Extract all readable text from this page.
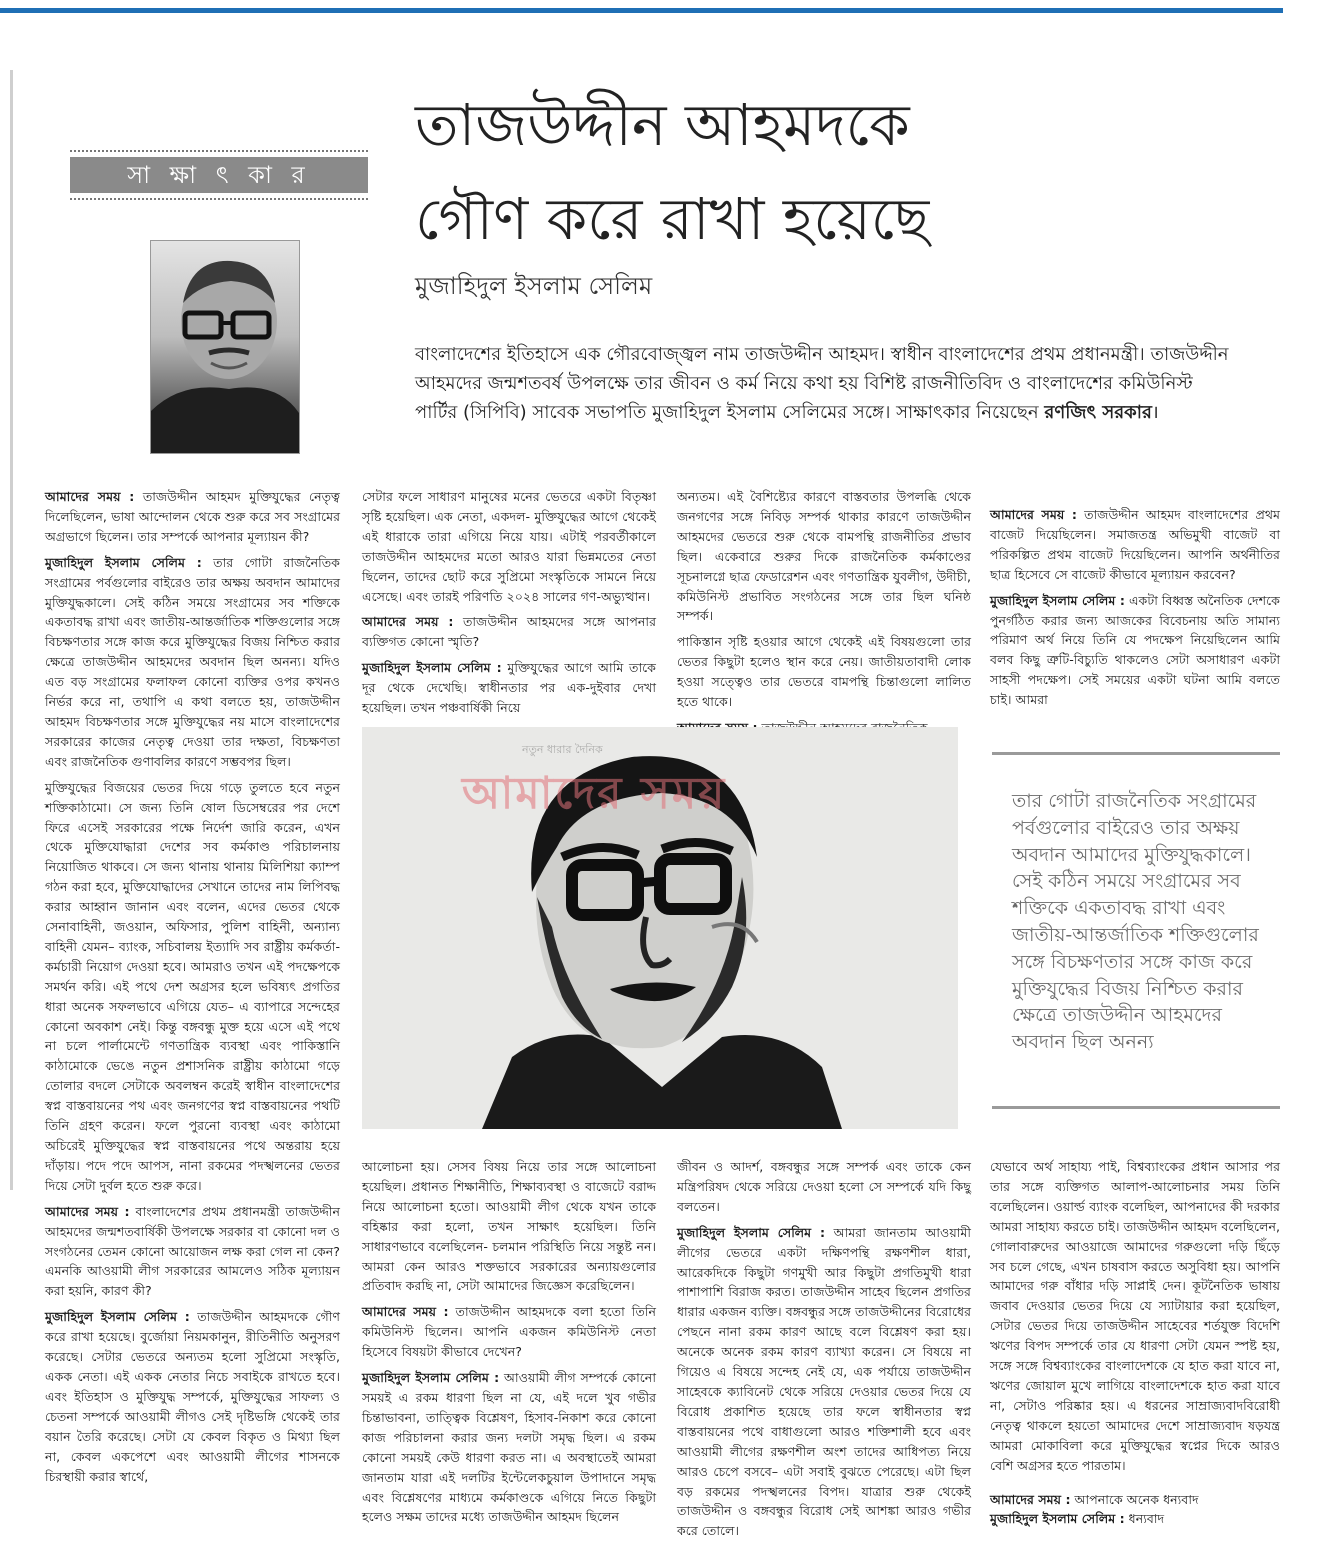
সা ক্ষা ৎ কা র
তাজউদ্দীন আহমদকে
গৌণ করে রাখা হয়েছে
মুজাহিদুল ইসলাম সেলিম
বাংলাদেশের ইতিহাসে এক গৌরবোজ্জ্বল নাম তাজউদ্দীন আহমদ। স্বাধীন বাংলাদেশের প্রথম প্রধানমন্ত্রী। তাজউদ্দীন আহমদের জন্মশতবর্ষ উপলক্ষে তার জীবন ও কর্ম নিয়ে কথা হয় বিশিষ্ট রাজনীতিবিদ ও বাংলাদেশের কমিউনিস্ট পার্টির (সিপিবি) সাবেক সভাপতি মুজাহিদুল ইসলাম সেলিমের সঙ্গে। সাক্ষাৎকার নিয়েছেন রণজিৎ সরকার।

আমাদের সময় : তাজউদ্দীন আহমদ মুক্তিযুদ্ধের নেতৃত্ব দিলেছিলেন, ভাষা আন্দোলন থেকে শুরু করে সব সংগ্রামের অগ্রভাগে ছিলেন। তার সম্পর্কে আপনার মূল্যায়ন কী?

মুজাহিদুল ইসলাম সেলিম : তার গোটা রাজনৈতিক সংগ্রামের পর্বগুলোর বাইরেও তার অক্ষয় অবদান আমাদের মুক্তিযুদ্ধকালে। সেই কঠিন সময়ে সংগ্রামের সব শক্তিকে একতাবদ্ধ রাখা এবং জাতীয়-আন্তর্জাতিক শক্তিগুলোর সঙ্গে বিচক্ষণতার সঙ্গে কাজ করে মুক্তিযুদ্ধের বিজয় নিশ্চিত করার ক্ষেত্রে তাজউদ্দীন আহমদের অবদান ছিল অনন্য। যদিও এত বড় সংগ্রামের ফলাফল কোনো ব্যক্তির ওপর কখনও নির্ভর করে না, তথাপি এ কথা বলতে হয়, তাজউদ্দীন আহমদ বিচক্ষণতার সঙ্গে মুক্তিযুদ্ধের নয় মাসে বাংলাদেশের সরকারের কাজের নেতৃত্ব দেওয়া তার দক্ষতা, বিচক্ষণতা এবং রাজনৈতিক গুণাবলির কারণে সম্ভবপর ছিল।

মুক্তিযুদ্ধের বিজয়ের ভেতর দিয়ে গড়ে তুলতে হবে নতুন শক্তিকাঠামো। সে জন্য তিনি ষোল ডিসেম্বরের পর দেশে ফিরে এসেই সরকারের পক্ষে নির্দেশ জারি করেন, এখন থেকে মুক্তিযোদ্ধারা দেশের সব কর্মকাণ্ড পরিচালনায় নিয়োজিত থাকবে। সে জন্য থানায় থানায় মিলিশিয়া ক্যাম্প গঠন করা হবে, মুক্তিযোদ্ধাদের সেখানে তাদের নাম লিপিবদ্ধ করার আহ্বান জানান এবং বলেন, এদের ভেতর থেকে সেনাবাহিনী, জওয়ান, অফিসার, পুলিশ বাহিনী, অন্যান্য বাহিনী যেমন– ব্যাংক, সচিবালয় ইত্যাদি সব রাষ্ট্রীয় কর্মকর্তা-কর্মচারী নিয়োগ দেওয়া হবে। আমরাও তখন এই পদক্ষেপকে সমর্থন করি। এই পথে দেশ অগ্রসর হলে ভবিষ্যৎ প্রগতির ধারা অনেক সফলভাবে এগিয়ে যেত– এ ব্যাপারে সন্দেহের কোনো অবকাশ নেই। কিন্তু বঙ্গবন্ধু মুক্ত হয়ে এসে এই পথে না চলে পার্লামেন্টে গণতান্ত্রিক ব্যবস্থা এবং পাকিস্তানি কাঠামোকে ভেঙে নতুন প্রশাসনিক রাষ্ট্রীয় কাঠামো গড়ে তোলার বদলে সেটাকে অবলম্বন করেই স্বাধীন বাংলাদেশের স্বপ্ন বাস্তবায়নের পথ এবং জনগণের স্বপ্ন বাস্তবায়নের পথটি তিনি গ্রহণ করেন। ফলে পুরনো ব্যবস্থা এবং কাঠামো অচিরেই মুক্তিযুদ্ধের স্বপ্ন বাস্তবায়নের পথে অন্তরায় হয়ে দাঁড়ায়। পদে পদে আপস, নানা রকমের পদস্খলনের ভেতর দিয়ে সেটা দুর্বল হতে শুরু করে।

আমাদের সময় : বাংলাদেশের প্রথম প্রধানমন্ত্রী তাজউদ্দীন আহমদের জন্মশতবার্ষিকী উপলক্ষে সরকার বা কোনো দল ও সংগঠনের তেমন কোনো আয়োজন লক্ষ করা গেল না কেন? এমনকি আওয়ামী লীগ সরকারের আমলেও সঠিক মূল্যায়ন করা হয়নি, কারণ কী?

মুজাহিদুল ইসলাম সেলিম : তাজউদ্দীন আহমদকে গৌণ করে রাখা হয়েছে। বুর্জোয়া নিয়মকানুন, রীতিনীতি অনুসরণ করেছে। সেটার ভেতরে অন্যতম হলো সুপ্রিমো সংস্কৃতি, একক নেতা। এই একক নেতার নিচে সবাইকে রাখতে হবে। এবং ইতিহাস ও মুক্তিযুদ্ধ সম্পর্কে, মুক্তিযুদ্ধের সাফল্য ও চেতনা সম্পর্কে আওয়ামী লীগও সেই দৃষ্টিভঙ্গি থেকেই তার বয়ান তৈরি করেছে। সেটা যে কেবল বিকৃত ও মিথ্যা ছিল না, কেবল একপেশে এবং আওয়ামী লীগের শাসনকে চিরস্থায়ী করার স্বার্থে,

সেটার ফলে সাধারণ মানুষের মনের ভেতরে একটা বিতৃষ্ণা সৃষ্টি হয়েছিল। এক নেতা, একদল- মুক্তিযুদ্ধের আগে থেকেই এই ধারাকে তারা এগিয়ে নিয়ে যায়। এটাই পরবর্তীকালে তাজউদ্দীন আহমদের মতো আরও যারা ভিন্নমতের নেতা ছিলেন, তাদের ছোট করে সুপ্রিমো সংস্কৃতিকে সামনে নিয়ে এসেছে। এবং তারই পরিণতি ২০২৪ সালের গণ-অভ্যুত্থান।

আমাদের সময় : তাজউদ্দীন আহমদের সঙ্গে আপনার ব্যক্তিগত কোনো স্মৃতি?

মুজাহিদুল ইসলাম সেলিম : মুক্তিযুদ্ধের আগে আমি তাকে দূর থেকে দেখেছি। স্বাধীনতার পর এক-দুইবার দেখা হয়েছিল। তখন পঞ্চবার্ষিকী নিয়ে

অন্যতম। এই বৈশিষ্ট্যের কারণে বাস্তবতার উপলব্ধি থেকে জনগণের সঙ্গে নিবিড় সম্পর্ক থাকার কারণে তাজউদ্দীন আহমদের ভেতরে শুরু থেকে বামপন্থি রাজনীতির প্রভাব ছিল। একেবারে শুরুর দিকে রাজনৈতিক কর্মকাণ্ডের সূচনালগ্নে ছাত্র ফেডারেশন এবং গণতান্ত্রিক যুবলীগ, উদীচী, কমিউনিস্ট প্রভাবিত সংগঠনের সঙ্গে তার ছিল ঘনিষ্ঠ সম্পর্ক।

পাকিস্তান সৃষ্টি হওয়ার আগে থেকেই এই বিষয়গুলো তার ভেতর কিছুটা হলেও স্থান করে নেয়। জাতীয়তাবাদী লোক হওয়া সত্ত্বেও তার ভেতরে বামপন্থি চিন্তাগুলো লালিত হতে থাকে।

আমাদের সময় : তাজউদ্দীন আহমদ বাংলাদেশের প্রথম বাজেট দিয়েছিলেন। সমাজতন্ত্র অভিমুখী বাজেট বা পরিকল্পিত প্রথম বাজেট দিয়েছিলেন। আপনি অর্থনীতির ছাত্র হিসেবে সে বাজেট কীভাবে মূল্যায়ন করবেন?

মুজাহিদুল ইসলাম সেলিম : একটা বিধ্বস্ত অনৈতিক দেশকে পুনর্গঠিত করার জন্য আজকের বিবেচনায় অতি সামান্য পরিমাণ অর্থ নিয়ে তিনি যে পদক্ষেপ নিয়েছিলেন আমি বলব কিছু ত্রুটি-বিচ্যুতি থাকলেও সেটা অসাধারণ একটা সাহসী পদক্ষেপ। সেই সময়ের একটা ঘটনা আমি বলতে চাই। আমরা

নতুন ধারার দৈনিক
আমাদের সময়	তার গোটা রাজনৈতিক সংগ্রামের পর্বগুলোর বাইরেও তার অক্ষয় অবদান আমাদের মুক্তিযুদ্ধকালে। সেই কঠিন সময়ে সংগ্রামের সব শক্তিকে একতাবদ্ধ রাখা এবং জাতীয়-আন্তর্জাতিক শক্তিগুলোর সঙ্গে বিচক্ষণতার সঙ্গে কাজ করে মুক্তিযুদ্ধের বিজয় নিশ্চিত করার ক্ষেত্রে তাজউদ্দীন আহমদের অবদান ছিল অনন্য

আলোচনা হয়। সেসব বিষয় নিয়ে তার সঙ্গে আলোচনা হয়েছিল। প্রধানত শিক্ষানীতি, শিক্ষাব্যবস্থা ও বাজেটে বরাদ্দ নিয়ে আলোচনা হতো। আওয়ামী লীগ থেকে যখন তাকে বহিষ্কার করা হলো, তখন সাক্ষাৎ হয়েছিল। তিনি সাধারণভাবে বলেছিলেন- চলমান পরিস্থিতি নিয়ে সন্তুষ্ট নন। আমরা কেন আরও শক্তভাবে সরকারের অন্যায়গুলোর প্রতিবাদ করছি না, সেটা আমাদের জিজ্ঞেস করেছিলেন।

আমাদের সময় : তাজউদ্দীন আহমদকে বলা হতো তিনি কমিউনিস্ট ছিলেন। আপনি একজন কমিউনিস্ট নেতা হিসেবে বিষয়টা কীভাবে দেখেন?

মুজাহিদুল ইসলাম সেলিম : আওয়ামী লীগ সম্পর্কে কোনো সময়ই এ রকম ধারণা ছিল না যে, এই দলে খুব গভীর চিন্তাভাবনা, তাত্ত্বিক বিশ্লেষণ, হিসাব-নিকাশ করে কোনো কাজ পরিচালনা করার জন্য দলটা সমৃদ্ধ ছিল। এ রকম কোনো সময়ই কেউ ধারণা করত না। এ অবস্থাতেই আমরা জানতাম যারা এই দলটির ইন্টেলেকচুয়াল উপাদানে সমৃদ্ধ এবং বিশ্লেষণের মাধ্যমে কর্মকাণ্ডকে এগিয়ে নিতে কিছুটা হলেও সক্ষম তাদের মধ্যে তাজউদ্দীন আহমদ ছিলেন

জীবন ও আদর্শ, বঙ্গবন্ধুর সঙ্গে সম্পর্ক এবং তাকে কেন মন্ত্রিপরিষদ থেকে সরিয়ে দেওয়া হলো সে সম্পর্কে যদি কিছু বলতেন।

মুজাহিদুল ইসলাম সেলিম : আমরা জানতাম আওয়ামী লীগের ভেতরে একটা দক্ষিণপন্থি রক্ষণশীল ধারা, আরেকদিকে কিছুটা গণমুখী আর কিছুটা প্রগতিমুখী ধারা পাশাপাশি বিরাজ করত। তাজউদ্দীন সাহেব ছিলেন প্রগতির ধারার একজন ব্যক্তি। বঙ্গবন্ধুর সঙ্গে তাজউদ্দীনের বিরোধের পেছনে নানা রকম কারণ আছে বলে বিশ্লেষণ করা হয়। অনেকে অনেক রকম কারণ ব্যাখ্যা করেন। সে বিষয়ে না গিয়েও এ বিষয়ে সন্দেহ নেই যে, এক পর্যায়ে তাজউদ্দীন সাহেবকে ক্যাবিনেট থেকে সরিয়ে দেওয়ার ভেতর দিয়ে যে বিরোধ প্রকাশিত হয়েছে তার ফলে স্বাধীনতার স্বপ্ন বাস্তবায়নের পথে বাধাগুলো আরও শক্তিশালী হবে এবং আওয়ামী লীগের রক্ষণশীল অংশ তাদের আধিপত্য নিয়ে আরও চেপে বসবে– এটা সবাই বুঝতে পেরেছে। এটা ছিল বড় রকমের পদস্খলনের বিপদ। যাত্রার শুরু থেকেই তাজউদ্দীন ও বঙ্গবন্ধুর বিরোধ সেই আশঙ্কা আরও গভীর করে তোলে।

যেভাবে অর্থ সাহায্য পাই, বিশ্বব্যাংকের প্রধান আসার পর তার সঙ্গে ব্যক্তিগত আলাপ-আলোচনার সময় তিনি বলেছিলেন। ওয়ার্ল্ড ব্যাংক বলেছিল, আপনাদের কী দরকার আমরা সাহায্য করতে চাই। তাজউদ্দীন আহমদ বলেছিলেন, গোলাবারুদের আওয়াজে আমাদের গরুগুলো দড়ি ছিঁড়ে সব চলে গেছে, এখন চাষবাস করতে অসুবিধা হয়। আপনি আমাদের গরু বাঁধার দড়ি সাপ্লাই দেন। কূটনৈতিক ভাষায় জবাব দেওয়ার ভেতর দিয়ে যে স্যাটায়ার করা হয়েছিল, সেটার ভেতর দিয়ে তাজউদ্দীন সাহেবের শর্তযুক্ত বিদেশি ঋণের বিপদ সম্পর্কে তার যে ধারণা সেটা যেমন স্পষ্ট হয়, সঙ্গে সঙ্গে বিশ্বব্যাংকের বাংলাদেশকে যে হাত করা যাবে না, ঋণের জোয়াল মুখে লাগিয়ে বাংলাদেশকে হাত করা যাবে না, সেটাও পরিষ্কার হয়। এ ধরনের সাম্রাজ্যবাদবিরোধী নেতৃত্ব থাকলে হয়তো আমাদের দেশে সাম্রাজ্যবাদ ষড়যন্ত্র আমরা মোকাবিলা করে মুক্তিযুদ্ধের স্বপ্নের দিকে আরও বেশি অগ্রসর হতে পারতাম।

আমাদের সময় : আপনাকে অনেক ধন্যবাদ

মুজাহিদুল ইসলাম সেলিম : ধন্যবাদ
